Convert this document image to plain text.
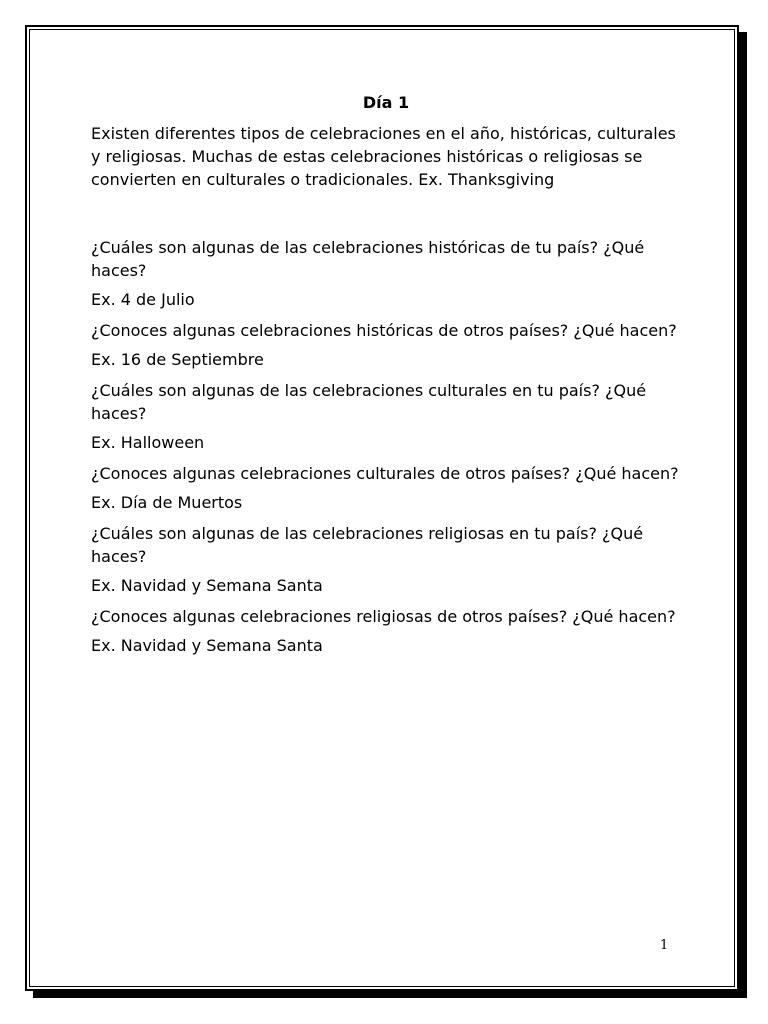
Día 1

Existen diferentes tipos de celebraciones en el año, históricas, culturales y religiosas. Muchas de estas celebraciones históricas o religiosas se convierten en culturales o tradicionales. Ex. Thanksgiving

¿Cuáles son algunas de las celebraciones históricas de tu país? ¿Qué haces?

Ex. 4 de Julio

¿Conoces algunas celebraciones históricas de otros países? ¿Qué hacen?

Ex. 16 de Septiembre

¿Cuáles son algunas de las celebraciones culturales en tu país? ¿Qué haces?

Ex. Halloween

¿Conoces algunas celebraciones culturales de otros países? ¿Qué hacen?

Ex. Día de Muertos

¿Cuáles son algunas de las celebraciones religiosas en tu país? ¿Qué haces?

Ex. Navidad y Semana Santa

¿Conoces algunas celebraciones religiosas de otros países? ¿Qué hacen?

Ex. Navidad y Semana Santa

1
